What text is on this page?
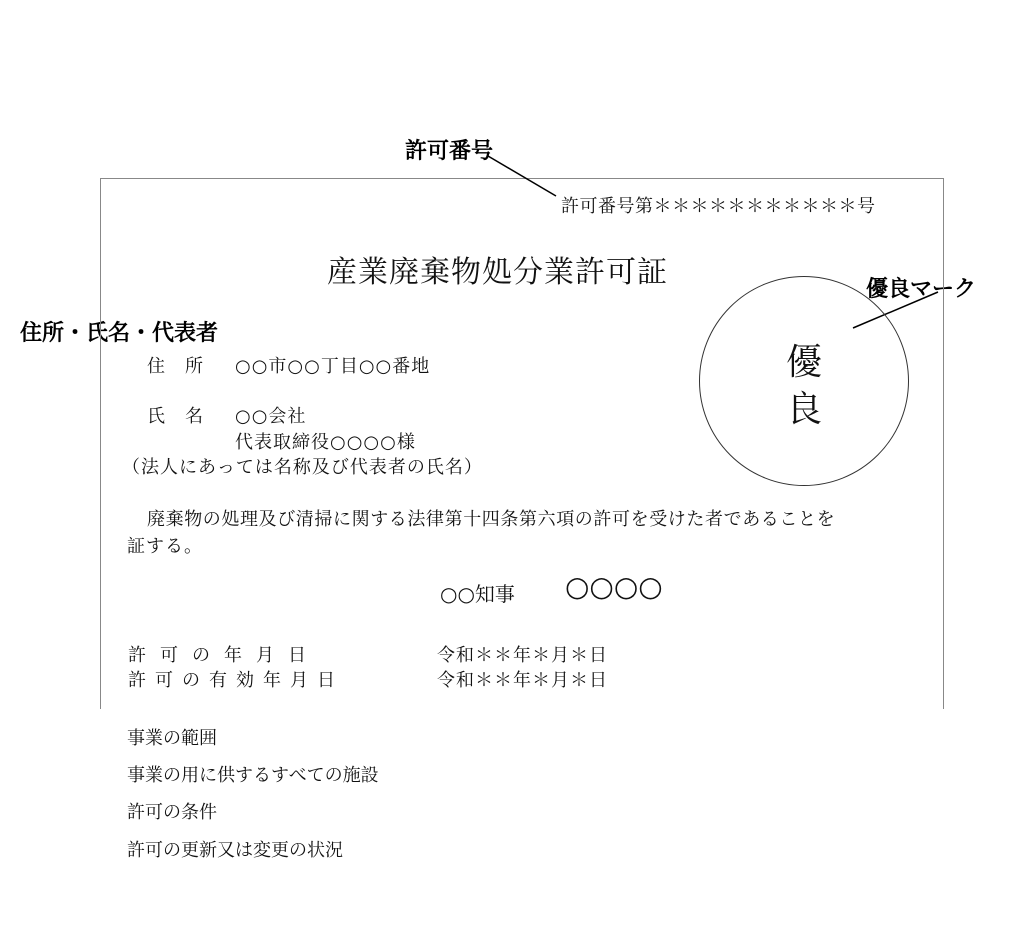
許可番号
優良マーク
住所・氏名・代表者
許可番号第＊＊＊＊＊＊＊＊＊＊＊号
産業廃棄物処分業許可証
優
良
住　所 ○○市○○丁目○○番地
氏　名 ○○会社
代表取締役○○○○様
（法人にあっては名称及び代表者の氏名）
廃棄物の処理及び清掃に関する法律第十四条第六項の許可を受けた者であることを
証する。
○○知事 ○○○○
許可の年月日	令和＊＊年＊月＊日
許可の有効年月日	令和＊＊年＊月＊日
事業の範囲
事業の用に供するすべての施設
許可の条件
許可の更新又は変更の状況
